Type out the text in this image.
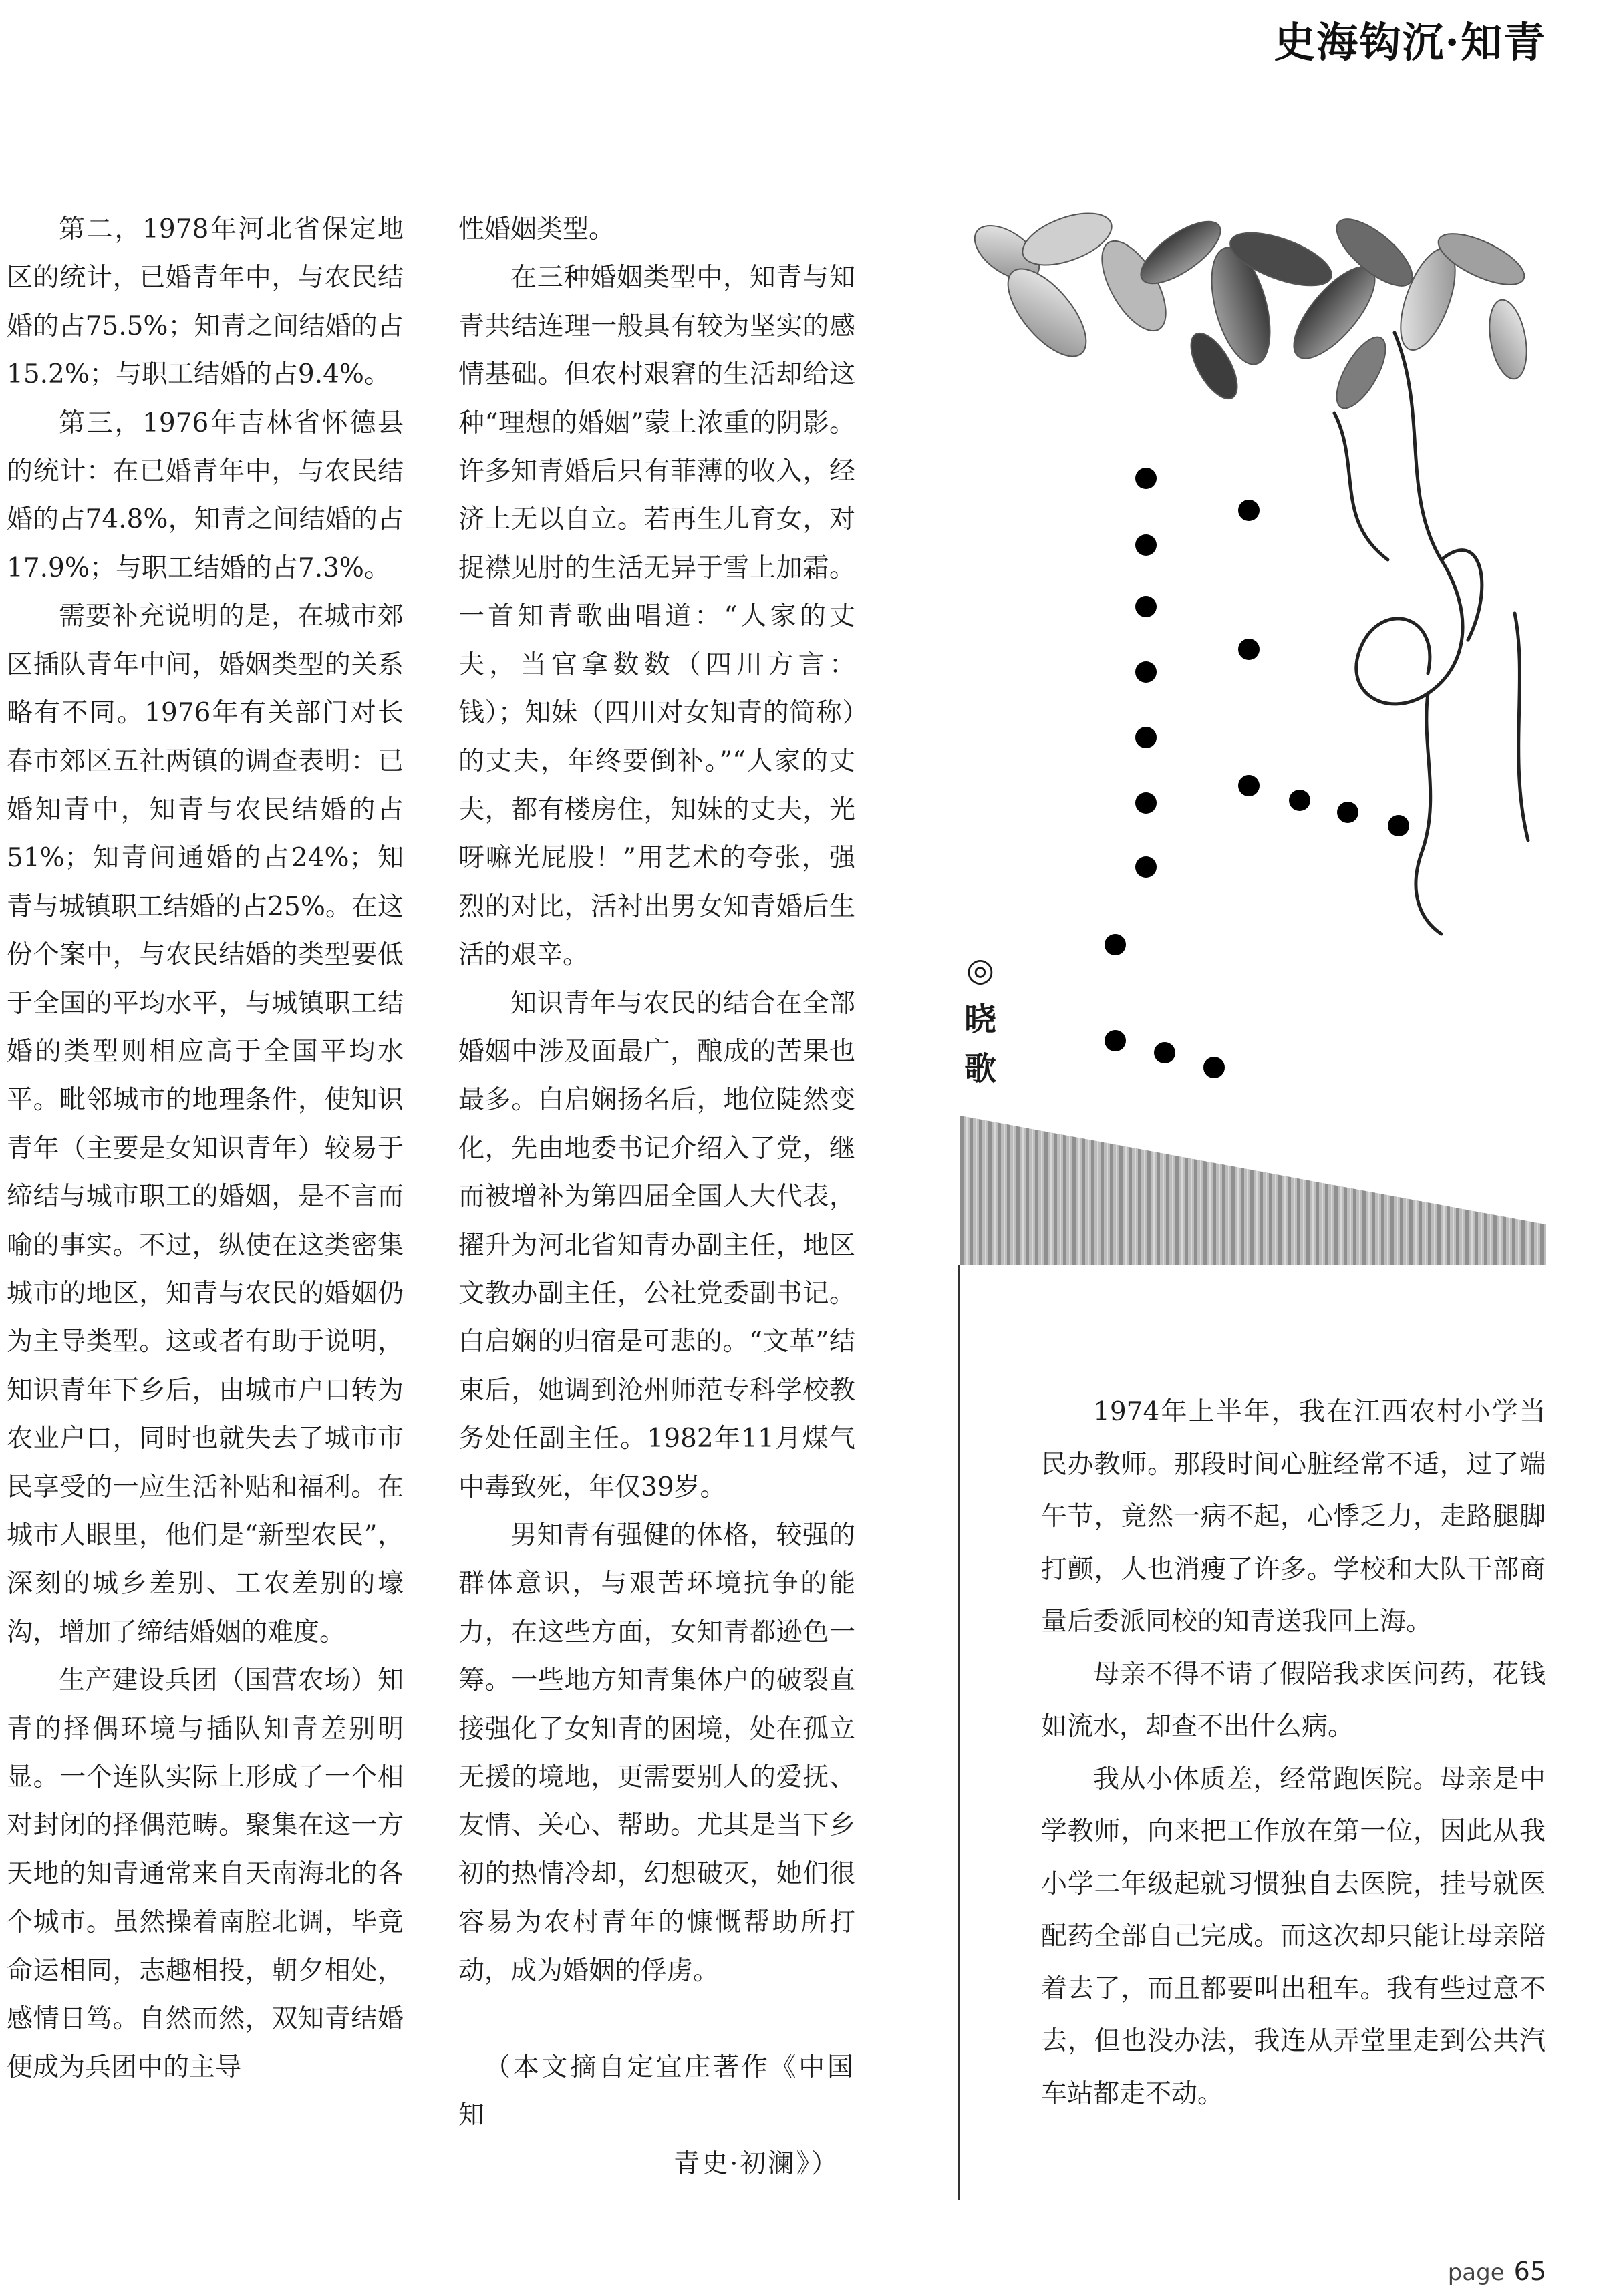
史海钩沉·知青

第二，1978年河北省保定地区的统计，已婚青年中，与农民结婚的占75.5%；知青之间结婚的占15.2%；与职工结婚的占9.4%。

第三，1976年吉林省怀德县的统计：在已婚青年中，与农民结婚的占74.8%，知青之间结婚的占17.9%；与职工结婚的占7.3%。

需要补充说明的是，在城市郊区插队青年中间，婚姻类型的关系略有不同。1976年有关部门对长春市郊区五社两镇的调查表明：已婚知青中，知青与农民结婚的占51%；知青间通婚的占24%；知青与城镇职工结婚的占25%。在这份个案中，与农民结婚的类型要低于全国的平均水平，与城镇职工结婚的类型则相应高于全国平均水平。毗邻城市的地理条件，使知识青年（主要是女知识青年）较易于缔结与城市职工的婚姻，是不言而喻的事实。不过，纵使在这类密集城市的地区，知青与农民的婚姻仍为主导类型。这或者有助于说明，知识青年下乡后，由城市户口转为农业户口，同时也就失去了城市市民享受的一应生活补贴和福利。在城市人眼里，他们是“新型农民”，深刻的城乡差别、工农差别的壕沟，增加了缔结婚姻的难度。

生产建设兵团（国营农场）知青的择偶环境与插队知青差别明显。一个连队实际上形成了一个相对封闭的择偶范畴。聚集在这一方天地的知青通常来自天南海北的各个城市。虽然操着南腔北调，毕竟命运相同，志趣相投，朝夕相处，感情日笃。自然而然，双知青结婚便成为兵团中的主导

性婚姻类型。

在三种婚姻类型中，知青与知青共结连理一般具有较为坚实的感情基础。但农村艰窘的生活却给这种“理想的婚姻”蒙上浓重的阴影。许多知青婚后只有菲薄的收入，经济上无以自立。若再生儿育女，对捉襟见肘的生活无异于雪上加霜。一首知青歌曲唱道：“人家的丈夫，当官拿数数（四川方言：钱）；知妹（四川对女知青的简称）的丈夫，年终要倒补。”“人家的丈夫，都有楼房住，知妹的丈夫，光呀嘛光屁股！”用艺术的夸张，强烈的对比，活衬出男女知青婚后生活的艰辛。

知识青年与农民的结合在全部婚姻中涉及面最广，酿成的苦果也最多。白启娴扬名后，地位陡然变化，先由地委书记介绍入了党，继而被增补为第四届全国人大代表，擢升为河北省知青办副主任，地区文教办副主任，公社党委副书记。白启娴的归宿是可悲的。“文革”结束后，她调到沧州师范专科学校教务处任副主任。1982年11月煤气中毒致死，年仅39岁。

男知青有强健的体格，较强的群体意识，与艰苦环境抗争的能力，在这些方面，女知青都逊色一筹。一些地方知青集体户的破裂直接强化了女知青的困境，处在孤立无援的境地，更需要别人的爱抚、友情、关心、帮助。尤其是当下乡初的热情冷却，幻想破灭，她们很容易为农村青年的慷慨帮助所打动，成为婚姻的俘虏。

（本文摘自定宜庄著作《中国知
青史·初澜》）

◎
晓
歌

1974年上半年，我在江西农村小学当民办教师。那段时间心脏经常不适，过了端午节，竟然一病不起，心悸乏力，走路腿脚打颤，人也消瘦了许多。学校和大队干部商量后委派同校的知青送我回上海。

母亲不得不请了假陪我求医问药，花钱如流水，却查不出什么病。

我从小体质差，经常跑医院。母亲是中学教师，向来把工作放在第一位，因此从我小学二年级起就习惯独自去医院，挂号就医配药全部自己完成。而这次却只能让母亲陪着去了，而且都要叫出租车。我有些过意不去，但也没办法，我连从弄堂里走到公共汽车站都走不动。

page 65
